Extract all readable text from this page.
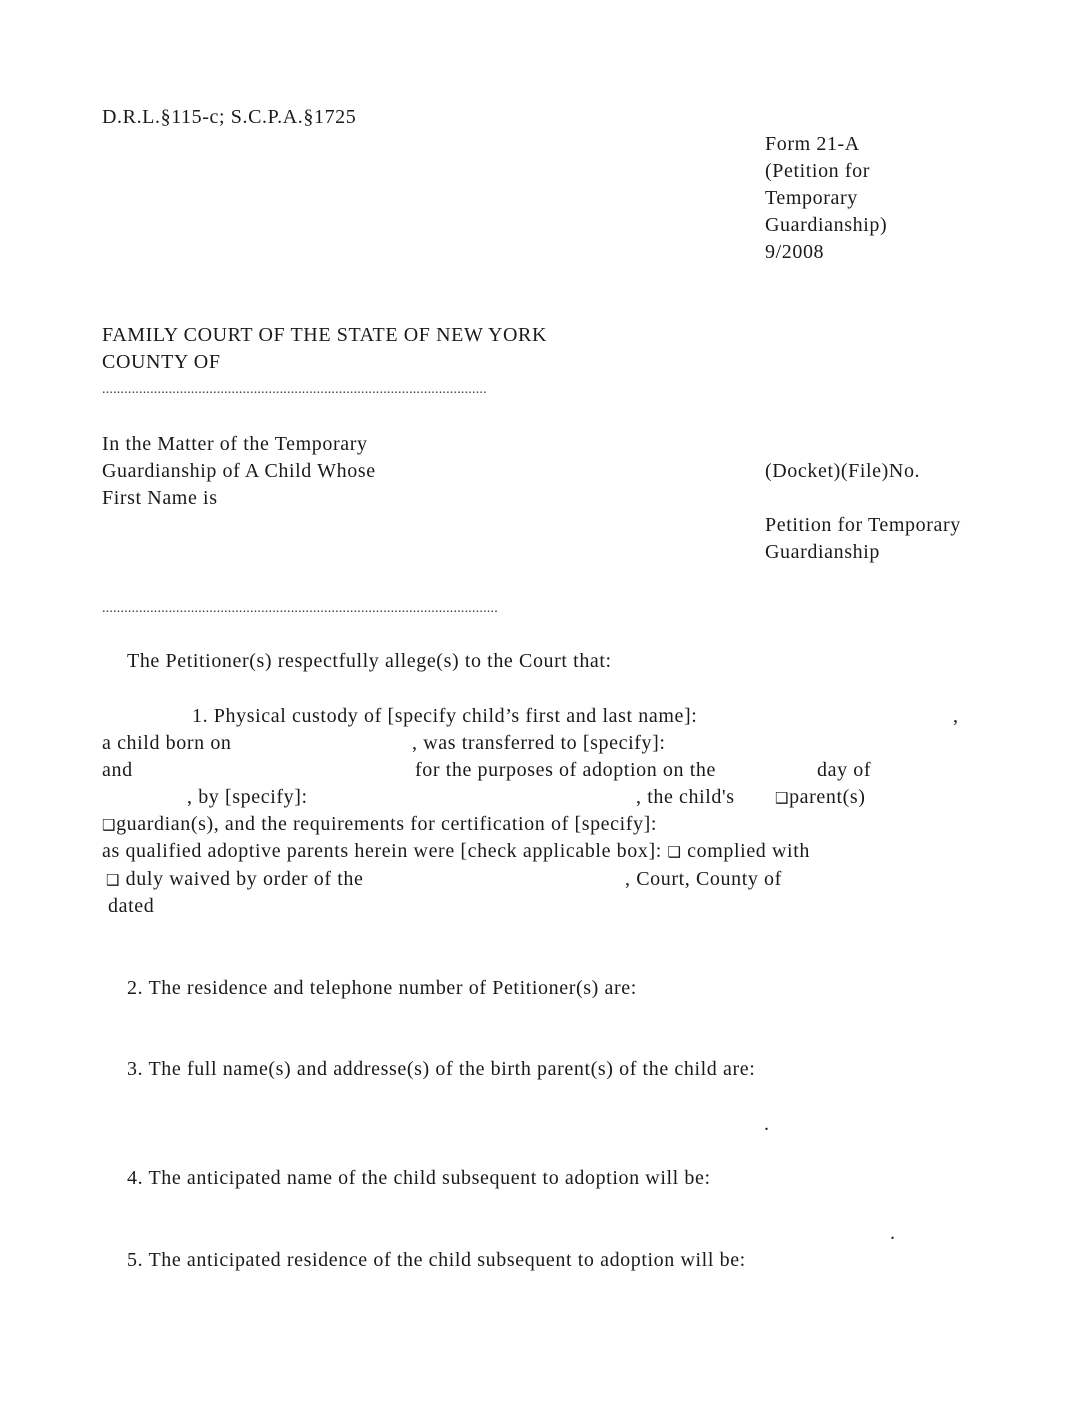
D.R.L.§115-c; S.C.P.A.§1725
Form 21-A
(Petition for
Temporary
Guardianship)
9/2008
FAMILY COURT OF THE STATE OF NEW YORK
COUNTY OF
........................................................................................................
In the Matter of the Temporary
Guardianship of A Child Whose
First Name is
(Docket)(File)No.
Petition for Temporary
Guardianship
...........................................................................................................
The Petitioner(s) respectfully allege(s) to the Court that:
1. Physical custody of [specify child’s first and last name]:	,
a child born on	, was transferred to [specify]:
and	for the purposes of adoption on the	day of
, by [specify]:	, the child's	❑parent(s)
❑guardian(s), and the requirements for certification of [specify]:
as qualified adoptive parents herein were [check applicable box]: ❑ complied with
❑ duly waived by order of the	, Court, County of
dated
2. The residence and telephone number of Petitioner(s) are:
3. The full name(s) and addresse(s) of the birth parent(s) of the child are:
.
4. The anticipated name of the child subsequent to adoption will be:
.
5. The anticipated residence of the child subsequent to adoption will be:
